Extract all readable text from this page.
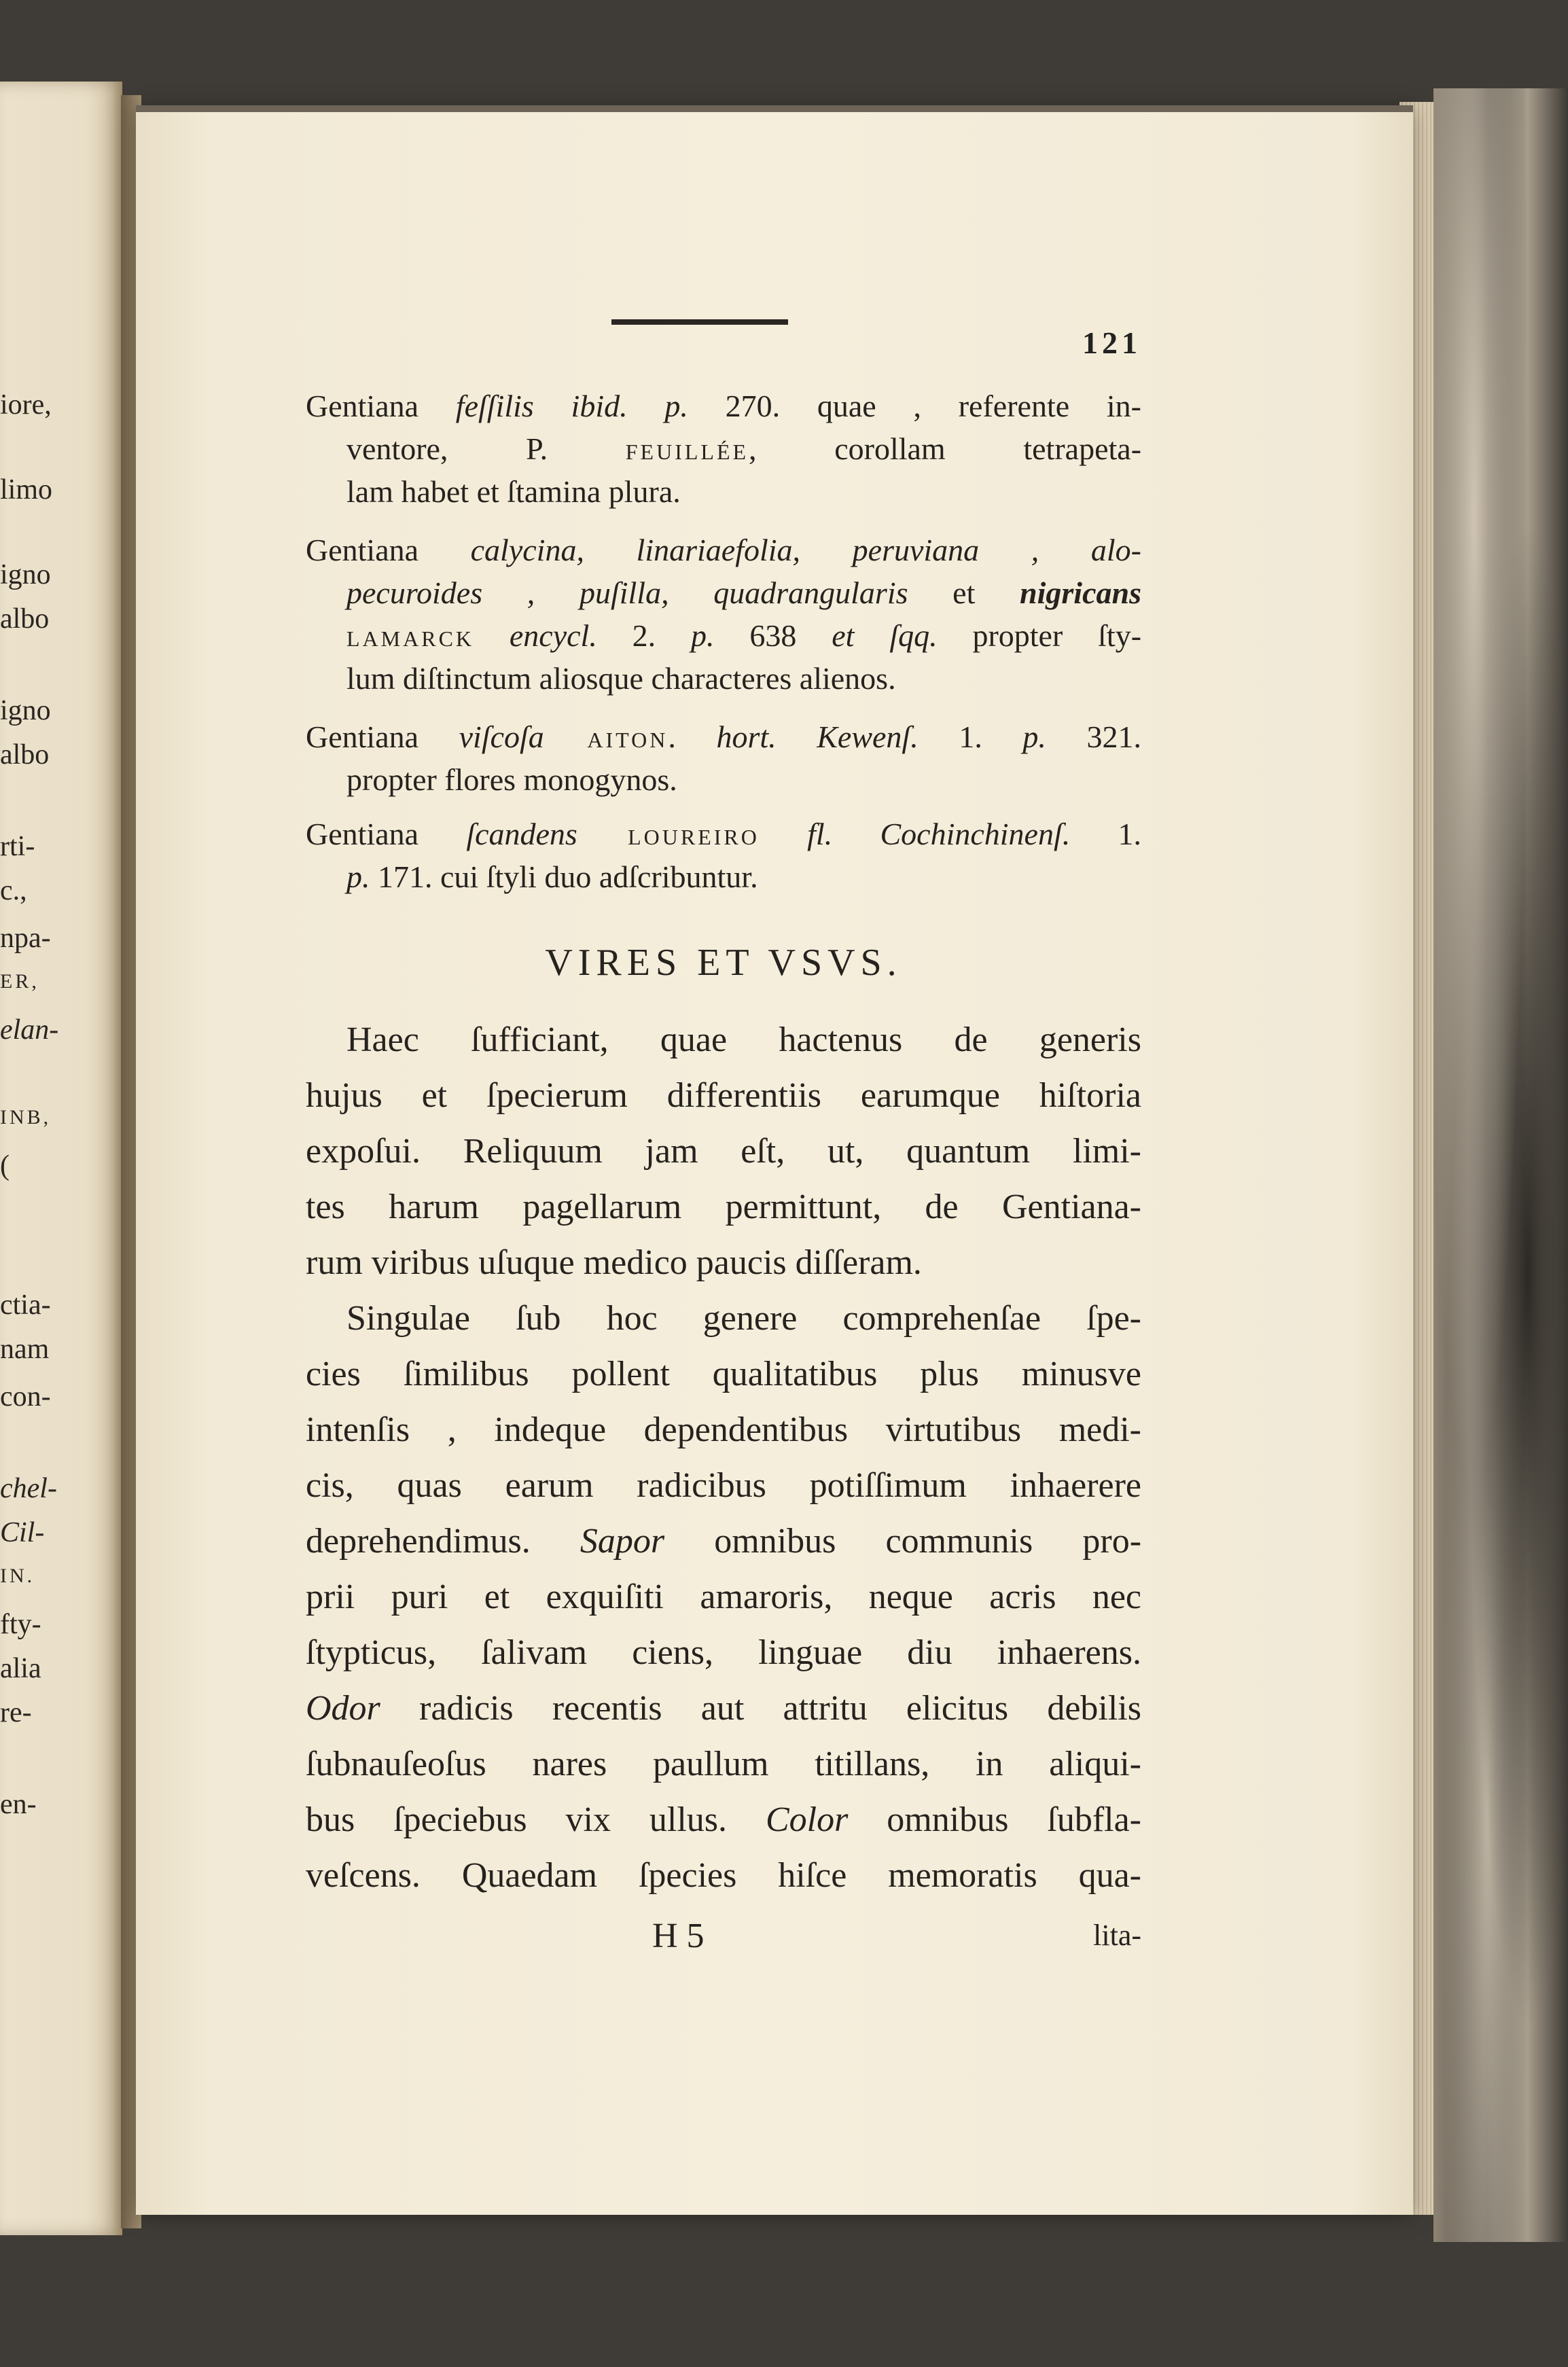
iore,
limo
igno
albo
igno
albo
rti-
c.,
npa-
ER,
elan-
INB,
(
ctia-
nam
con-
chel-
Cil-
IN.
fty-
alia
re-
en-
121
Gentiana feſſilis ibid. p. 270. quae , referente in-
ventore, P. feuillée, corollam tetrapeta-
lam habet et ſtamina plura.
Gentiana calycina, linariaefolia, peruviana , alo-
pecuroides , puſilla, quadrangularis et nigricans
lamarck encycl. 2. p. 638 et ſqq. propter ſty-
lum diſtinctum aliosque characteres alienos.
Gentiana viſcoſa aiton. hort. Kewenſ. 1. p. 321.
propter flores monogynos.
Gentiana ſcandens loureiro fl. Cochinchinenſ. 1.
p. 171. cui ſtyli duo adſcribuntur.
VIRES ET VSVS.
Haec ſufficiant, quae hactenus de generis
hujus et ſpecierum differentiis earumque hiſtoria
expoſui. Reliquum jam eſt, ut, quantum limi-
tes harum pagellarum permittunt, de Gentiana-
rum viribus uſuque medico paucis diſſeram.
Singulae ſub hoc genere comprehenſae ſpe-
cies ſimilibus pollent qualitatibus plus minusve
intenſis , indeque dependentibus virtutibus medi-
cis, quas earum radicibus potiſſimum inhaerere
deprehendimus. Sapor omnibus communis pro-
prii puri et exquiſiti amaroris, neque acris nec
ſtypticus, ſalivam ciens, linguae diu inhaerens.
Odor radicis recentis aut attritu elicitus debilis
ſubnauſeoſus nares paullum titillans, in aliqui-
bus ſpeciebus vix ullus. Color omnibus ſubfla-
veſcens. Quaedam ſpecies hiſce memoratis qua-
H 5	lita-
